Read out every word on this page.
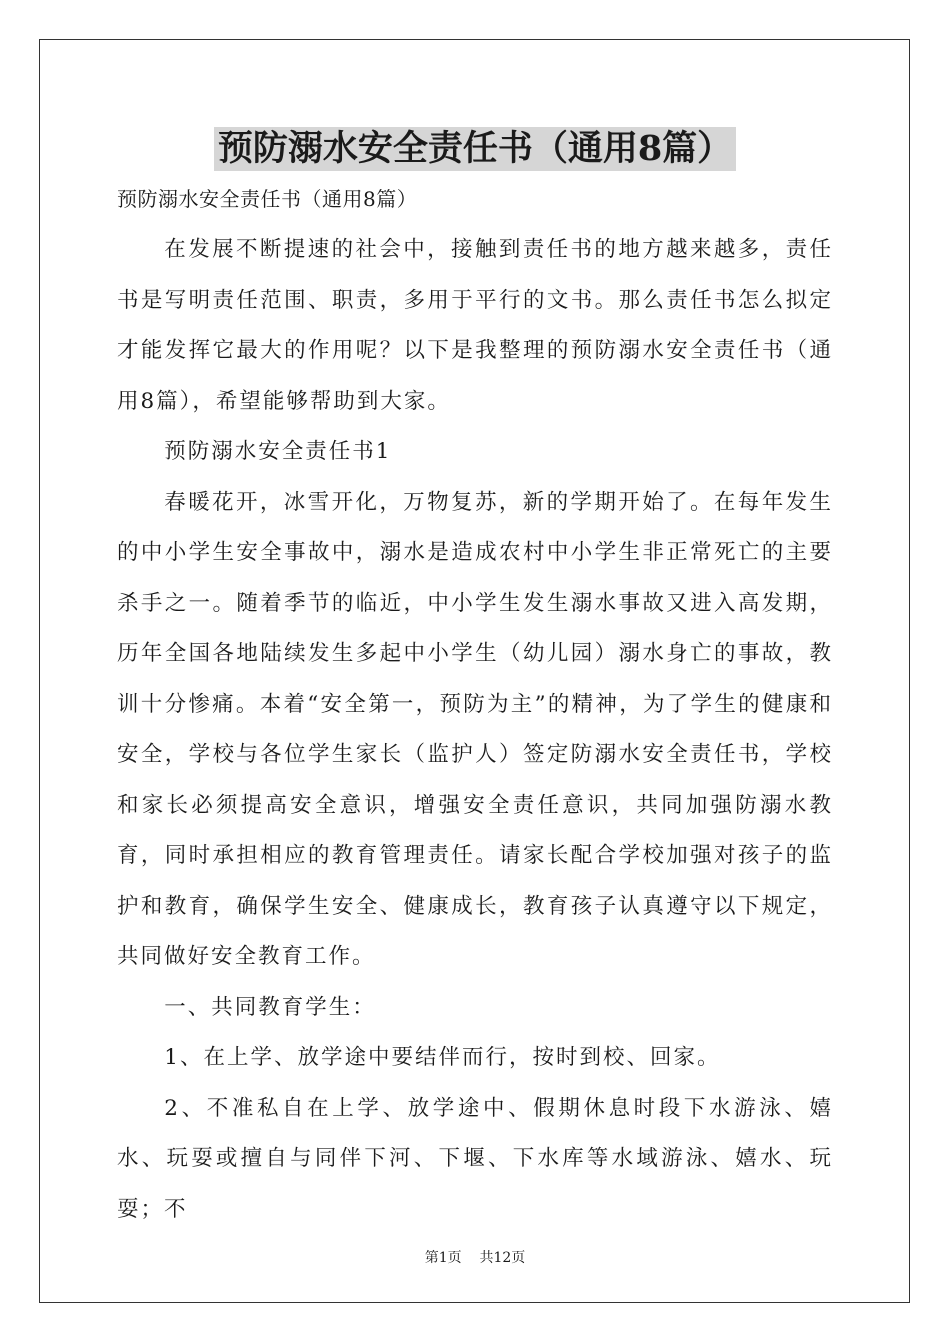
预防溺水安全责任书（通用8篇）

预防溺水安全责任书（通用8篇）

在发展不断提速的社会中，接触到责任书的地方越来越多，责任书是写明责任范围、职责，多用于平行的文书。那么责任书怎么拟定才能发挥它最大的作用呢？以下是我整理的预防溺水安全责任书（通用8篇），希望能够帮助到大家。

预防溺水安全责任书1

春暖花开，冰雪开化，万物复苏，新的学期开始了。在每年发生的中小学生安全事故中，溺水是造成农村中小学生非正常死亡的主要杀手之一。随着季节的临近，中小学生发生溺水事故又进入高发期，历年全国各地陆续发生多起中小学生（幼儿园）溺水身亡的事故，教训十分惨痛。本着“安全第一，预防为主”的精神，为了学生的健康和安全，学校与各位学生家长（监护人）签定防溺水安全责任书，学校和家长必须提高安全意识，增强安全责任意识，共同加强防溺水教育，同时承担相应的教育管理责任。请家长配合学校加强对孩子的监护和教育，确保学生安全、健康成长，教育孩子认真遵守以下规定，共同做好安全教育工作。

一、共同教育学生：

1、在上学、放学途中要结伴而行，按时到校、回家。

2、不准私自在上学、放学途中、假期休息时段下水游泳、嬉水、玩耍或擅自与同伴下河、下堰、下水库等水域游泳、嬉水、玩耍；不

第1页    共12页
